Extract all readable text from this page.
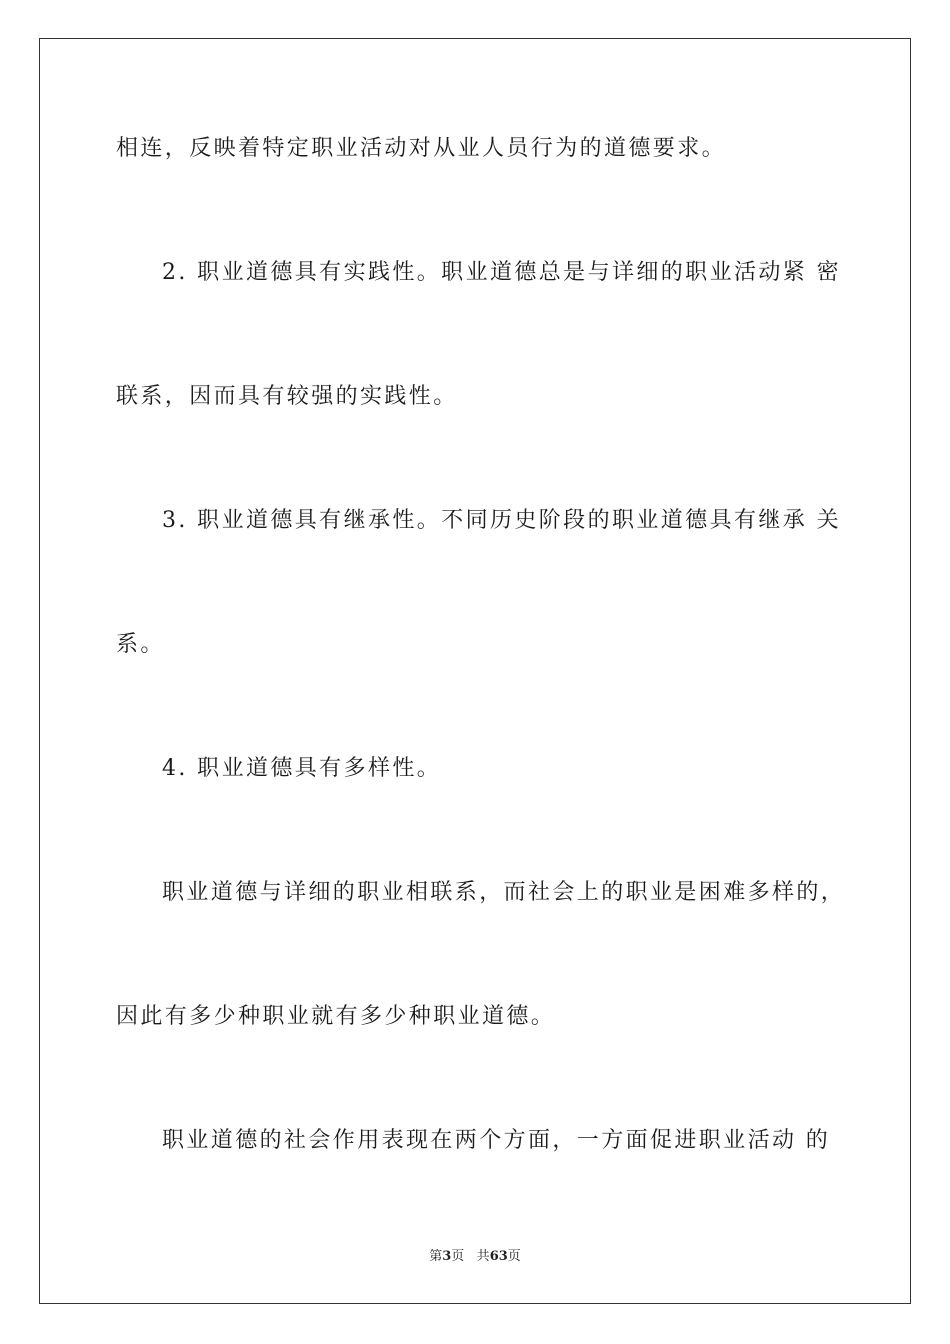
相连，反映着特定职业活动对从业人员行为的道德要求。
2. 职业道德具有实践性。职业道德总是与详细的职业活动紧 密
联系，因而具有较强的实践性。
3. 职业道德具有继承性。不同历史阶段的职业道德具有继承 关
系。
4. 职业道德具有多样性。
职业道德与详细的职业相联系，而社会上的职业是困难多样的，
因此有多少种职业就有多少种职业道德。
职业道德的社会作用表现在两个方面，一方面促进职业活动 的
第3页 共63页
